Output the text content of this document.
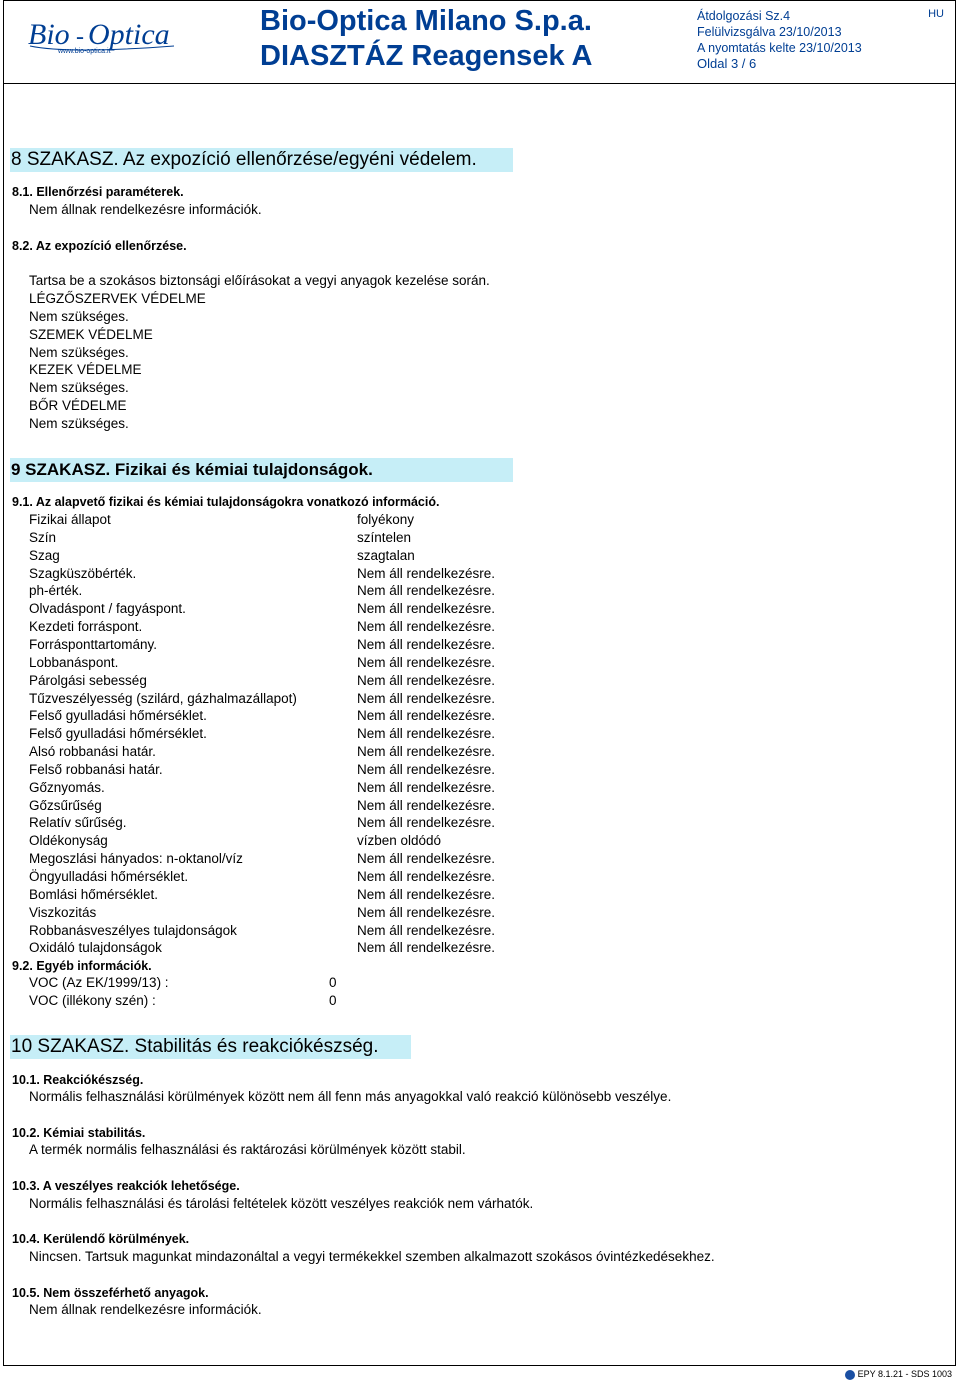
Bio - Optica
www.bio-optica.it
Bio-Optica Milano S.p.a.
DIASZTÁZ Reagensek A
Átdolgozási Sz.4
Felülvizsgálva 23/10/2013
A nyomtatás kelte 23/10/2013
Oldal 3 / 6
HU
8 SZAKASZ. Az expozíció ellenőrzése/egyéni védelem.
8.1. Ellenőrzési paraméterek.
Nem állnak rendelkezésre információk.
8.2. Az expozíció ellenőrzése.
Tartsa be a szokásos biztonsági előírásokat a vegyi anyagok kezelése során.
LÉGZŐSZERVEK VÉDELME
Nem szükséges.
SZEMEK VÉDELME
Nem szükséges.
KEZEK VÉDELME
Nem szükséges.
BŐR VÉDELME
Nem szükséges.
9 SZAKASZ. Fizikai és kémiai tulajdonságok.
9.1. Az alapvető fizikai és kémiai tulajdonságokra vonatkozó információ.
Fizikai állapot	folyékony
Szín	színtelen
Szag	szagtalan
Szagküszöbérték.	Nem áll rendelkezésre.
ph-érték.	Nem áll rendelkezésre.
Olvadáspont / fagyáspont.	Nem áll rendelkezésre.
Kezdeti forráspont.	Nem áll rendelkezésre.
Forrásponttartomány.	Nem áll rendelkezésre.
Lobbanáspont.	Nem áll rendelkezésre.
Párolgási sebesség	Nem áll rendelkezésre.
Tűzveszélyesség (szilárd, gázhalmazállapot)	Nem áll rendelkezésre.
Felső gyulladási hőmérséklet.	Nem áll rendelkezésre.
Felső gyulladási hőmérséklet.	Nem áll rendelkezésre.
Alsó robbanási határ.	Nem áll rendelkezésre.
Felső robbanási határ.	Nem áll rendelkezésre.
Gőznyomás.	Nem áll rendelkezésre.
Gőzsűrűség	Nem áll rendelkezésre.
Relatív sűrűség.	Nem áll rendelkezésre.
Oldékonyság	vízben oldódó
Megoszlási hányados: n-oktanol/víz	Nem áll rendelkezésre.
Öngyulladási hőmérséklet.	Nem áll rendelkezésre.
Bomlási hőmérséklet.	Nem áll rendelkezésre.
Viszkozitás	Nem áll rendelkezésre.
Robbanásveszélyes tulajdonságok	Nem áll rendelkezésre.
Oxidáló tulajdonságok	Nem áll rendelkezésre.
9.2. Egyéb információk.
VOC (Az EK/1999/13) :	0
VOC (illékony szén) :	0
10 SZAKASZ. Stabilitás és reakciókészség.
10.1. Reakciókészség.
Normális felhasználási körülmények között nem áll fenn más anyagokkal való reakció különösebb veszélye.
10.2. Kémiai stabilitás.
A termék normális felhasználási és raktározási körülmények között stabil.
10.3. A veszélyes reakciók lehetősége.
Normális felhasználási és tárolási feltételek között veszélyes reakciók nem várhatók.
10.4. Kerülendő körülmények.
Nincsen. Tartsuk magunkat mindazonáltal a vegyi termékekkel szemben alkalmazott szokásos óvintézkedésekhez.
10.5. Nem összeférhető anyagok.
Nem állnak rendelkezésre információk.
EPY 8.1.21 - SDS 1003
